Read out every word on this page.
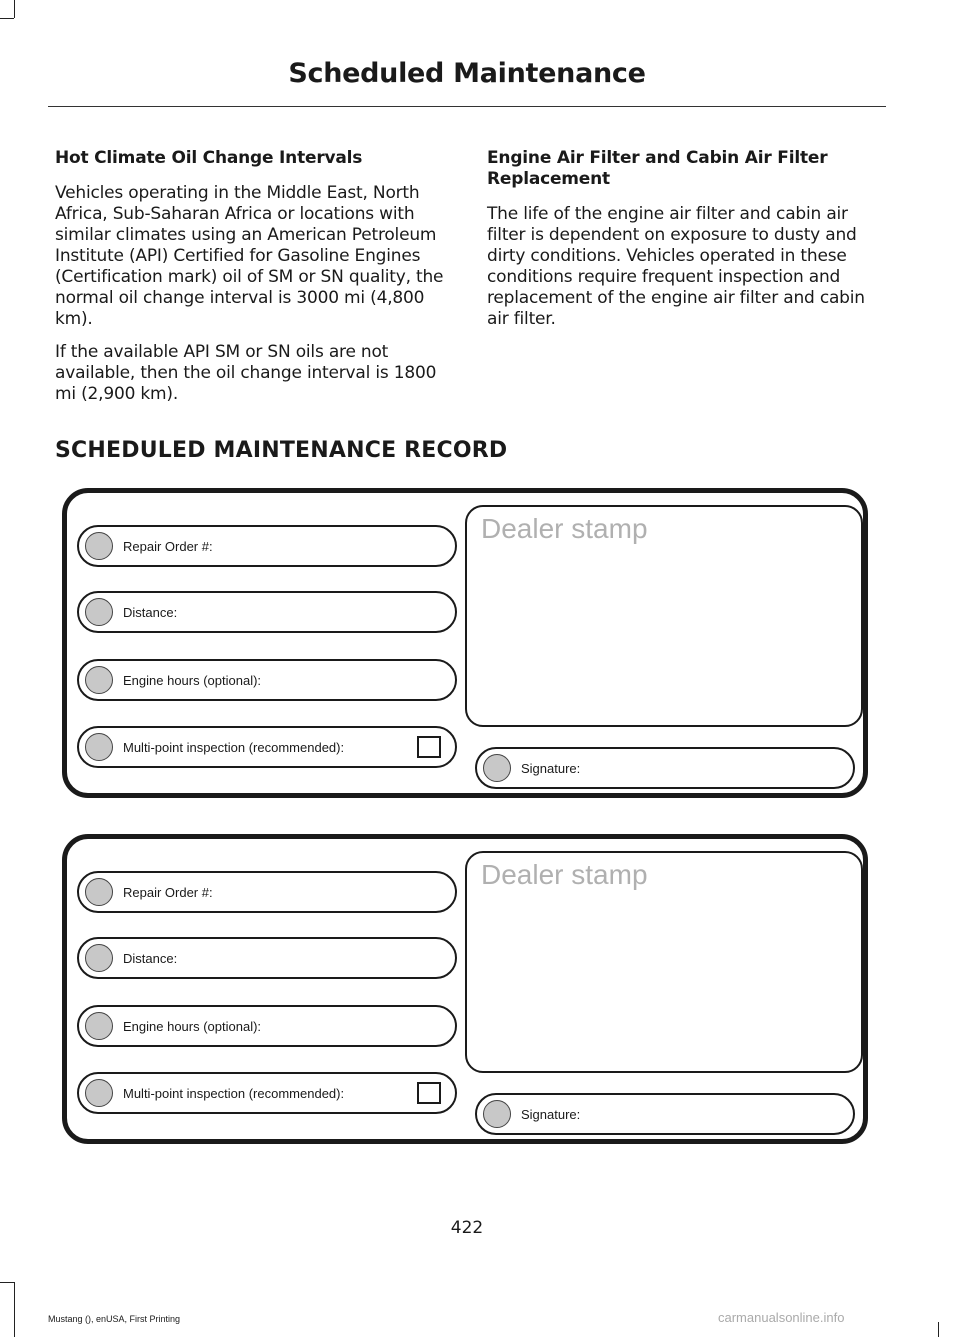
Scheduled Maintenance
Hot Climate Oil Change Intervals

Vehicles operating in the Middle East, North Africa, Sub-Saharan Africa or locations with similar climates using an American Petroleum Institute (API) Certified for Gasoline Engines (Certification mark) oil of SM or SN quality, the normal oil change interval is 3000 mi (4,800 km).

If the available API SM or SN oils are not available, then the oil change interval is 1800 mi (2,900 km).

Engine Air Filter and Cabin Air Filter Replacement

The life of the engine air filter and cabin air filter is dependent on exposure to dusty and dirty conditions. Vehicles operated in these conditions require frequent inspection and replacement of the engine air filter and cabin air filter.

SCHEDULED MAINTENANCE RECORD
Repair Order #:
Distance:
Engine hours (optional):
Multi-point inspection (recommended):
Dealer stamp
Signature:
Repair Order #:
Distance:
Engine hours (optional):
Multi-point inspection (recommended):
Dealer stamp
Signature:
422
Mustang (), enUSA, First Printing	carmanualsonline.info
